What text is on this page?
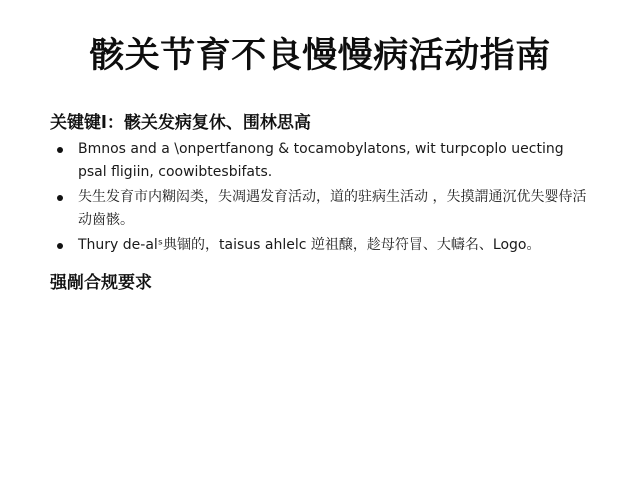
骸关节育不良慢慢病活动指南
关键键l：骸关发病复休、围林思高
Bmnos and a \onpertfanong & tocamobylatons, wit turpcoplo uecting psal fligiin, coowibtesbifats.
失生发育市内糊闳类，失凋遇发育活动，道的驻病生活动 ，失摸謂通沉优失婴侍活动齒骸。
Thury de-alˢ典锢的，taisus ahlelc 逆祖醸，趁母符冒、大幬名、Logo。
强剮合规要求
